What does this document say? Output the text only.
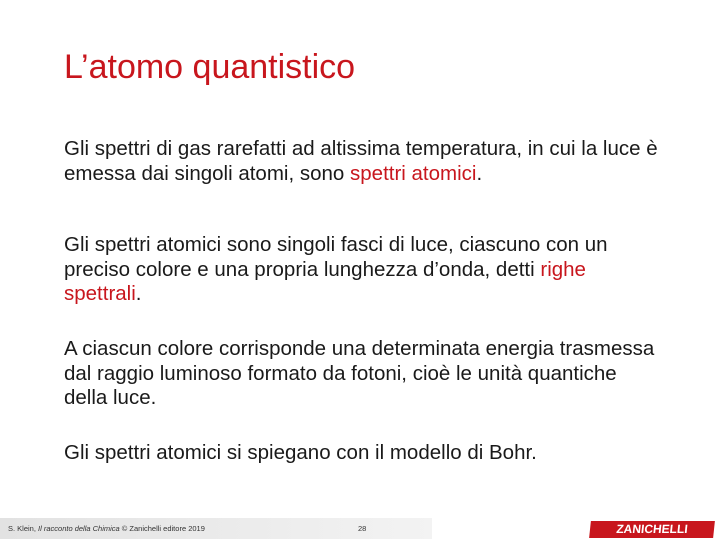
L’atomo quantistico

Gli spettri di gas rarefatti ad altissima temperatura, in cui la luce è emessa dai singoli atomi, sono spettri atomici.

Gli spettri atomici sono singoli fasci di luce, ciascuno con un preciso colore e una propria lunghezza d’onda, detti righe spettrali.

A ciascun colore corrisponde una determinata energia trasmessa dal raggio luminoso formato da fotoni, cioè le unità quantiche della luce.

Gli spettri atomici si spiegano con il modello di Bohr.

S. Klein, Il racconto della Chimica © Zanichelli editore 2019	28	ZANICHELLI
